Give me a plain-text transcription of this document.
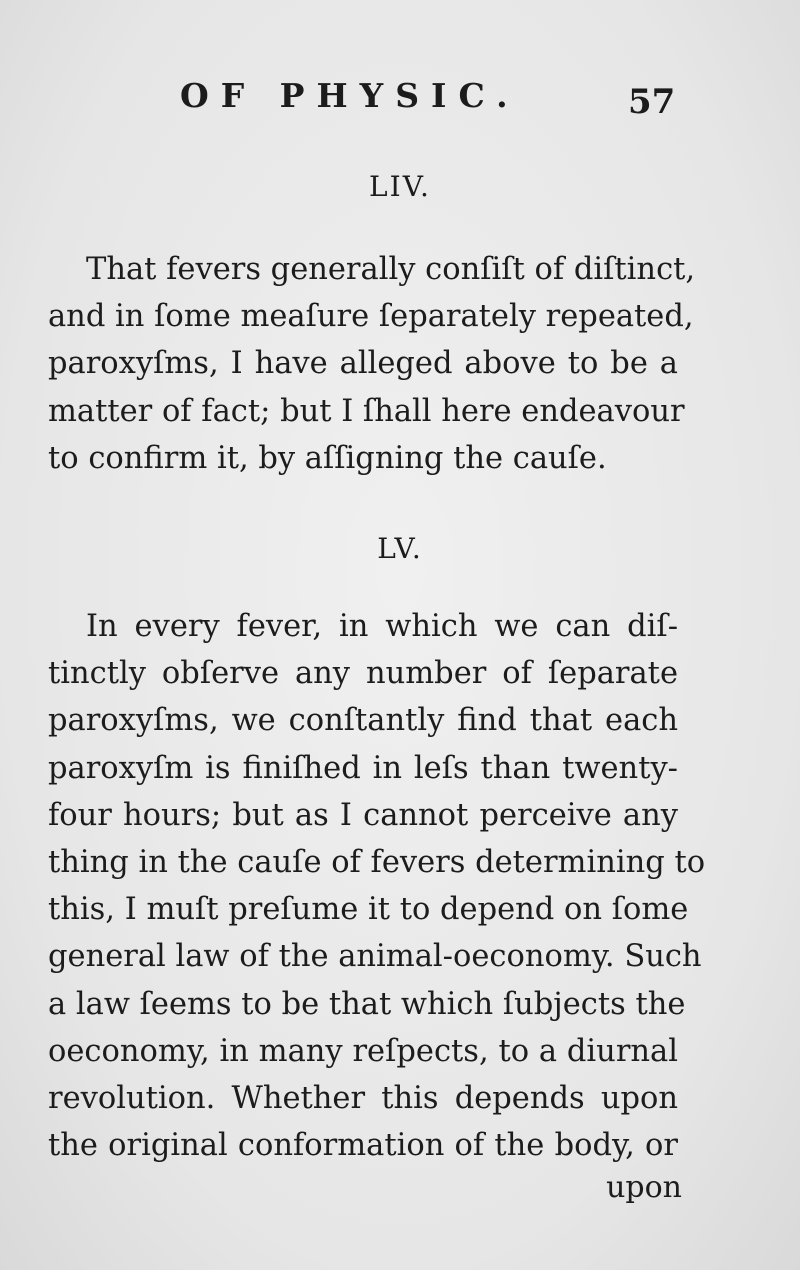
OF PHYSIC.	57
LIV.
That fevers generally conſiſt of diſtinct,
and in ſome meaſure ſeparately repeated,
paroxyſms, I have alleged above to be a
matter of fact; but I ſhall here endeavour
to confirm it, by aſſigning the cauſe.
LV.
In every fever, in which we can diſ-
tinctly obſerve any number of ſeparate
paroxyſms, we conſtantly find that each
paroxyſm is finiſhed in leſs than twenty-
four hours; but as I cannot perceive any
thing in the cauſe of fevers determining to
this, I muſt preſume it to depend on ſome
general law of the animal-oeconomy. Such
a law ſeems to be that which ſubjects the
oeconomy, in many reſpects, to a diurnal
revolution. Whether this depends upon
the original conformation of the body, or
upon
